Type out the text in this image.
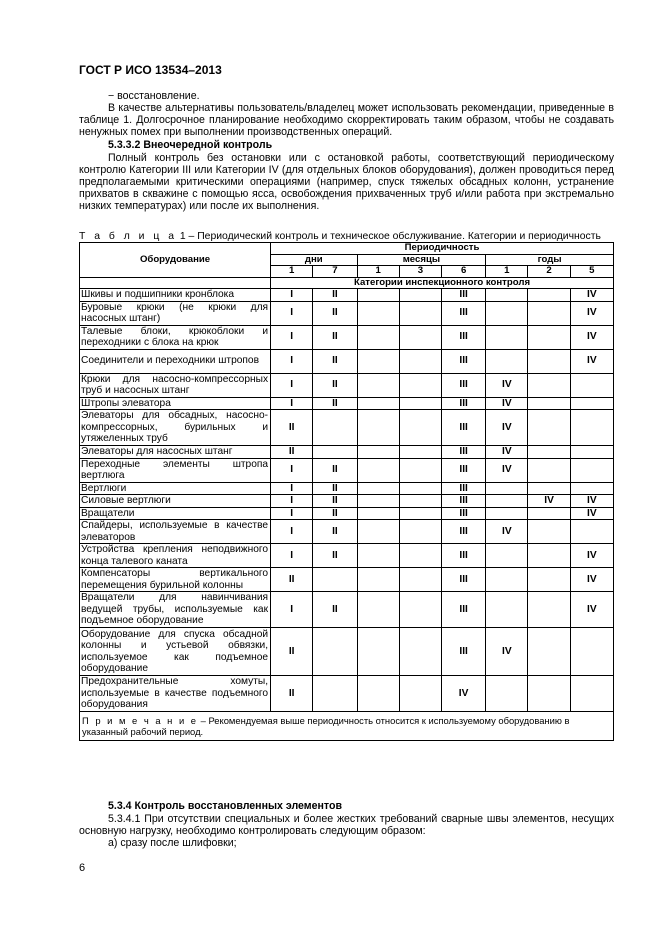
ГОСТ Р ИСО 13534–2013
− восстановление.
В качестве альтернативы пользователь/владелец может использовать рекомендации, приведенные в таблице 1. Долгосрочное планирование необходимо скорректировать таким образом, чтобы не создавать ненужных помех при выполнении производственных операций.
5.3.3.2 Внеочередной контроль
Полный контроль без остановки или с остановкой работы, соответствующий периодическому контролю Категории III или Категории IV (для отдельных блоков оборудования), должен проводиться перед предполагаемыми критическими операциями (например, спуск тяжелых обсадных колонн, устранение прихватов в скважине с помощью ясса, освобождения прихваченных труб и/или работа при экстремально низких температурах) или после их выполнения.
Т а б л и ц а 1 – Периодический контроль и техническое обслуживание. Категории и периодичность
Оборудование	Периодичность							
	дни		месяцы			годы		
	1	7	1	3	6	1	2	5
	Категории инспекционного контроля							
Шкивы и подшипники кронблока	I	II			III			IV
Буровые крюки (не крюки для насосных штанг)	I	II			III			IV
Талевые блоки, крюкоблоки и переходники с блока на крюк	I	II			III			IV
Соединители и переходники штропов	I	II			III			IV
Крюки для насосно-компрессорных труб и насосных штанг	I	II			III	IV		
Штропы элеватора	I	II			III	IV		
Элеваторы для обсадных, насосно-компрессорных, бурильных и утяжеленных труб	II				III	IV		
Элеваторы для насосных штанг	II				III	IV		
Переходные элементы штропа вертлюга	I	II			III	IV		
Вертлюги	I	II			III			
Силовые вертлюги	I	II			III		IV	IV
Вращатели	I	II			III			IV
Спайдеры, используемые в качестве элеваторов	I	II			III	IV		
Устройства крепления неподвижного конца талевого каната	I	II			III			IV
Компенсаторы вертикального перемещения бурильной колонны	II				III			IV
Вращатели для навинчивания ведущей трубы, используемые как подъемное оборудование	I	II			III			IV
Оборудование для спуска обсадной колонны и устьевой обвязки, используемое как подъемное оборудование	II				III	IV		
Предохранительные хомуты, используемые в качестве подъемного оборудования	II				IV			
П р и м е ч а н и е – Рекомендуемая выше периодичность относится к используемому оборудованию в указанный рабочий период.								
5.3.4 Контроль восстановленных элементов
5.3.4.1 При отсутствии специальных и более жестких требований сварные швы элементов, несущих основную нагрузку, необходимо контролировать следующим образом:
а) сразу после шлифовки;
6
